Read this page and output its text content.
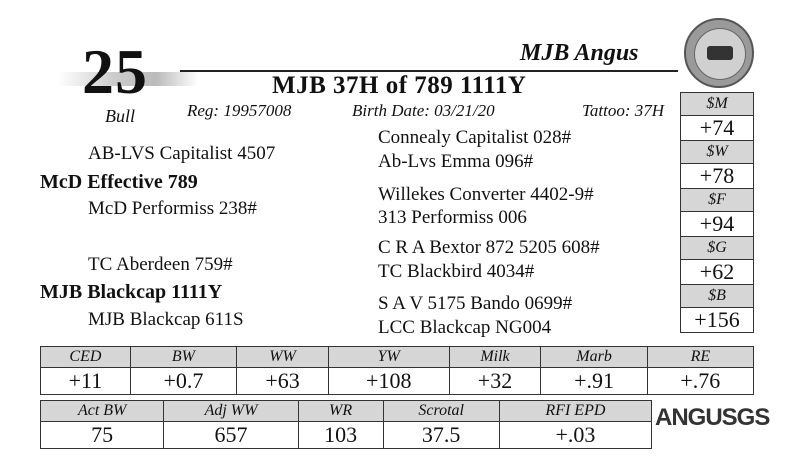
25
Bull
MJB Angus
MJB 37H of 789 1111Y
Reg: 19957008	Birth Date: 03/21/20	Tattoo: 37H
AB-LVS Capitalist 4507
McD Effective 789
McD Performiss 238#
Connealy Capitalist 028#
Ab-Lvs Emma 096#
Willekes Converter 4402-9#
313 Performiss 006
TC Aberdeen 759#
MJB Blackcap 1111Y
MJB Blackcap 611S
C R A Bextor 872 5205 608#
TC Blackbird 4034#
S A V 5175 Bando 0699#
LCC Blackcap NG004
$M
+74
$W
+78
$F
+94
$G
+62
$B
+156
CED	BW	WW	YW	Milk	Marb	RE
+11	+0.7	+63	+108	+32	+.91	+.76
Act BW	Adj WW	WR	Scrotal	RFI EPD
75	657	103	37.5	+.03
ANGUSGS
